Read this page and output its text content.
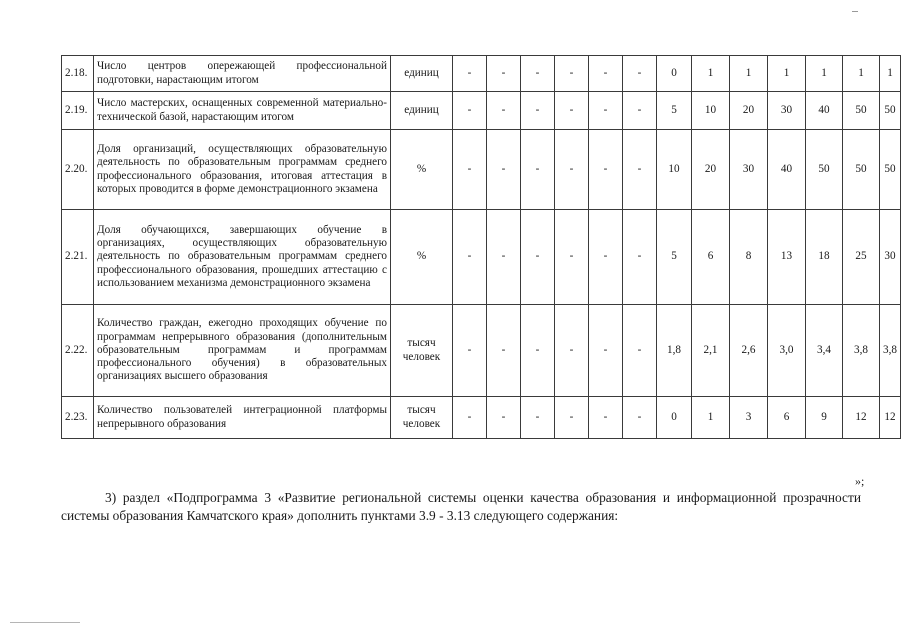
2.18.	Число центров опережающей профессиональной подготовки, нарастающим итогом	единиц	-	-	-	-	-	-	0	1	1	1	1	1	1
2.19.	Число мастерских, оснащенных современной материально-технической базой, нарастающим итогом	единиц	-	-	-	-	-	-	5	10	20	30	40	50	50
2.20.	Доля организаций, осуществляющих образовательную деятельность по образовательным программам среднего профессионального образования, итоговая аттестация в которых проводится в форме демонстрационного экзамена	%	-	-	-	-	-	-	10	20	30	40	50	50	50
2.21.	Доля обучающихся, завершающих обучение в организациях, осуществляющих образовательную деятельность по образовательным программам среднего профессионального образования, прошедших аттестацию с использованием механизма демонстрационного экзамена	%	-	-	-	-	-	-	5	6	8	13	18	25	30
2.22.	Количество граждан, ежегодно проходящих обучение по программам непрерывного образования (дополнительным образовательным программам и программам профессионального обучения) в образовательных организациях высшего образования	тысяч человек	-	-	-	-	-	-	1,8	2,1	2,6	3,0	3,4	3,8	3,8
2.23.	Количество пользователей интеграционной платформы непрерывного образования	тысяч человек	-	-	-	-	-	-	0	1	3	6	9	12	12
»;
3) раздел «Подпрограмма 3 «Развитие региональной системы оценки качества образования и информационной прозрачности системы образования Камчатского края» дополнить пунктами 3.9 - 3.13 следующего содержания:
